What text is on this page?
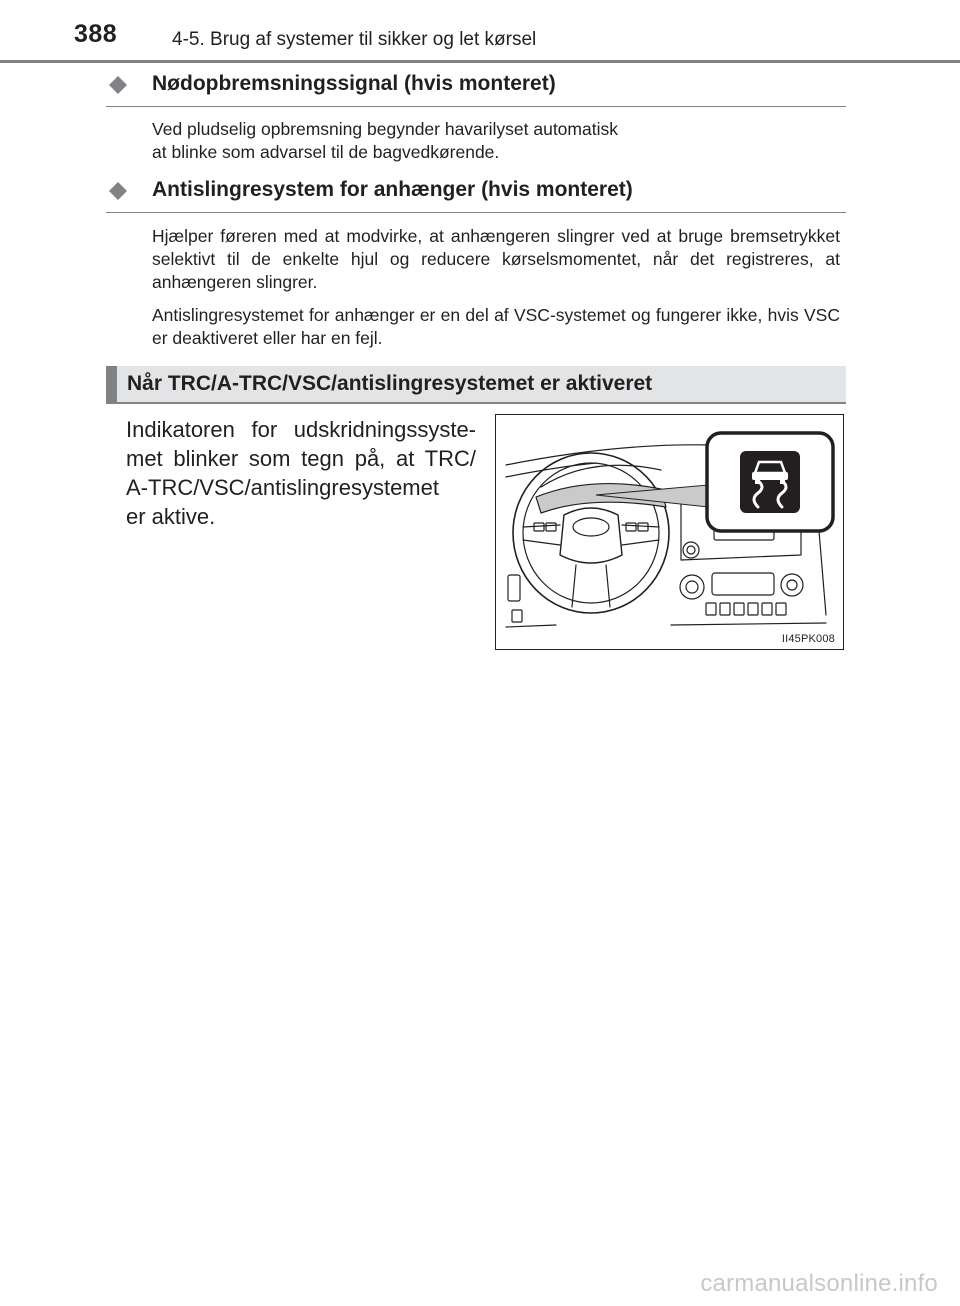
388	4-5. Brug af systemer til sikker og let kørsel
Nødopbremsningssignal (hvis monteret)

Ved pludselig opbremsning begynder havarilyset automatisk

at blinke som advarsel til de bagvedkørende.

Antislingresystem for anhænger (hvis monteret)

Hjælper føreren med at modvirke, at anhængeren slingrer ved at bruge bremsetrykket selektivt til de enkelte hjul og reducere kørselsmomentet, når det registreres, at anhængeren slingrer.

Antislingresystemet for anhænger er en del af VSC-systemet og fungerer ikke, hvis VSC er deaktiveret eller har en fejl.

Når TRC/A-TRC/VSC/antislingresystemet er aktiveret

Indikatoren for udskridningssyste-
met blinker som tegn på, at TRC/
A-TRC/VSC/antislingresystemet
er aktive.

II45PK008
carmanualsonline.info
